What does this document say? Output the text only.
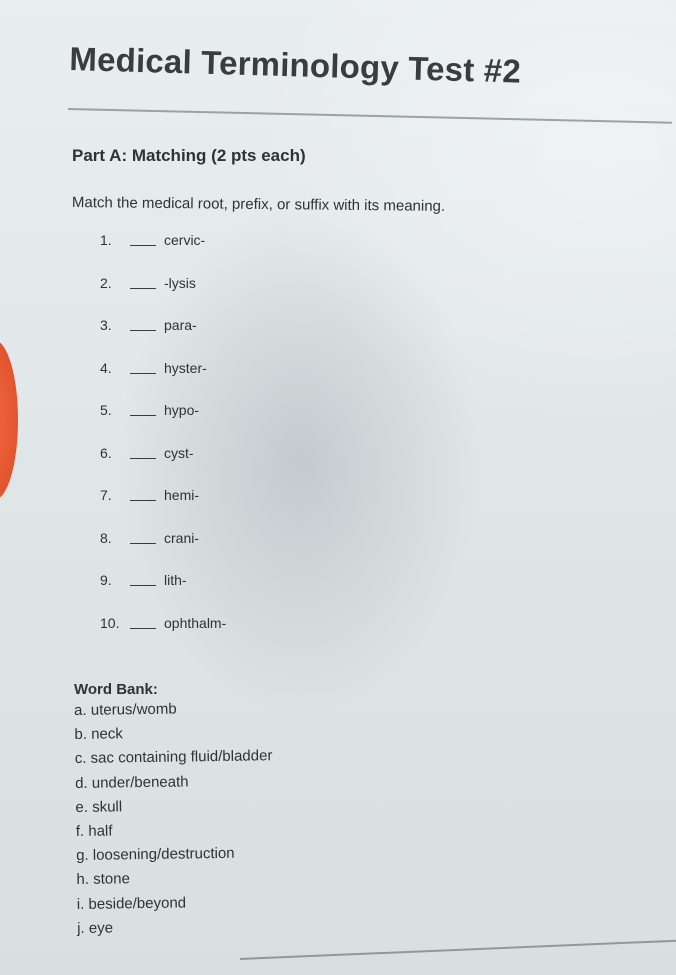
Medical Terminology Test #2
Part A: Matching (2 pts each)

Match the medical root, prefix, or suffix with its meaning.

1.	cervic-
2.	-lysis
3.	para-
4.	hyster-
5.	hypo-
6.	cyst-
7.	hemi-
8.	crani-
9.	lith-
10.	ophthalm-
Word Bank:
a. uterus/womb
b. neck
c. sac containing fluid/bladder
d. under/beneath
e. skull
f. half
g. loosening/destruction
h. stone
i. beside/beyond
j. eye
